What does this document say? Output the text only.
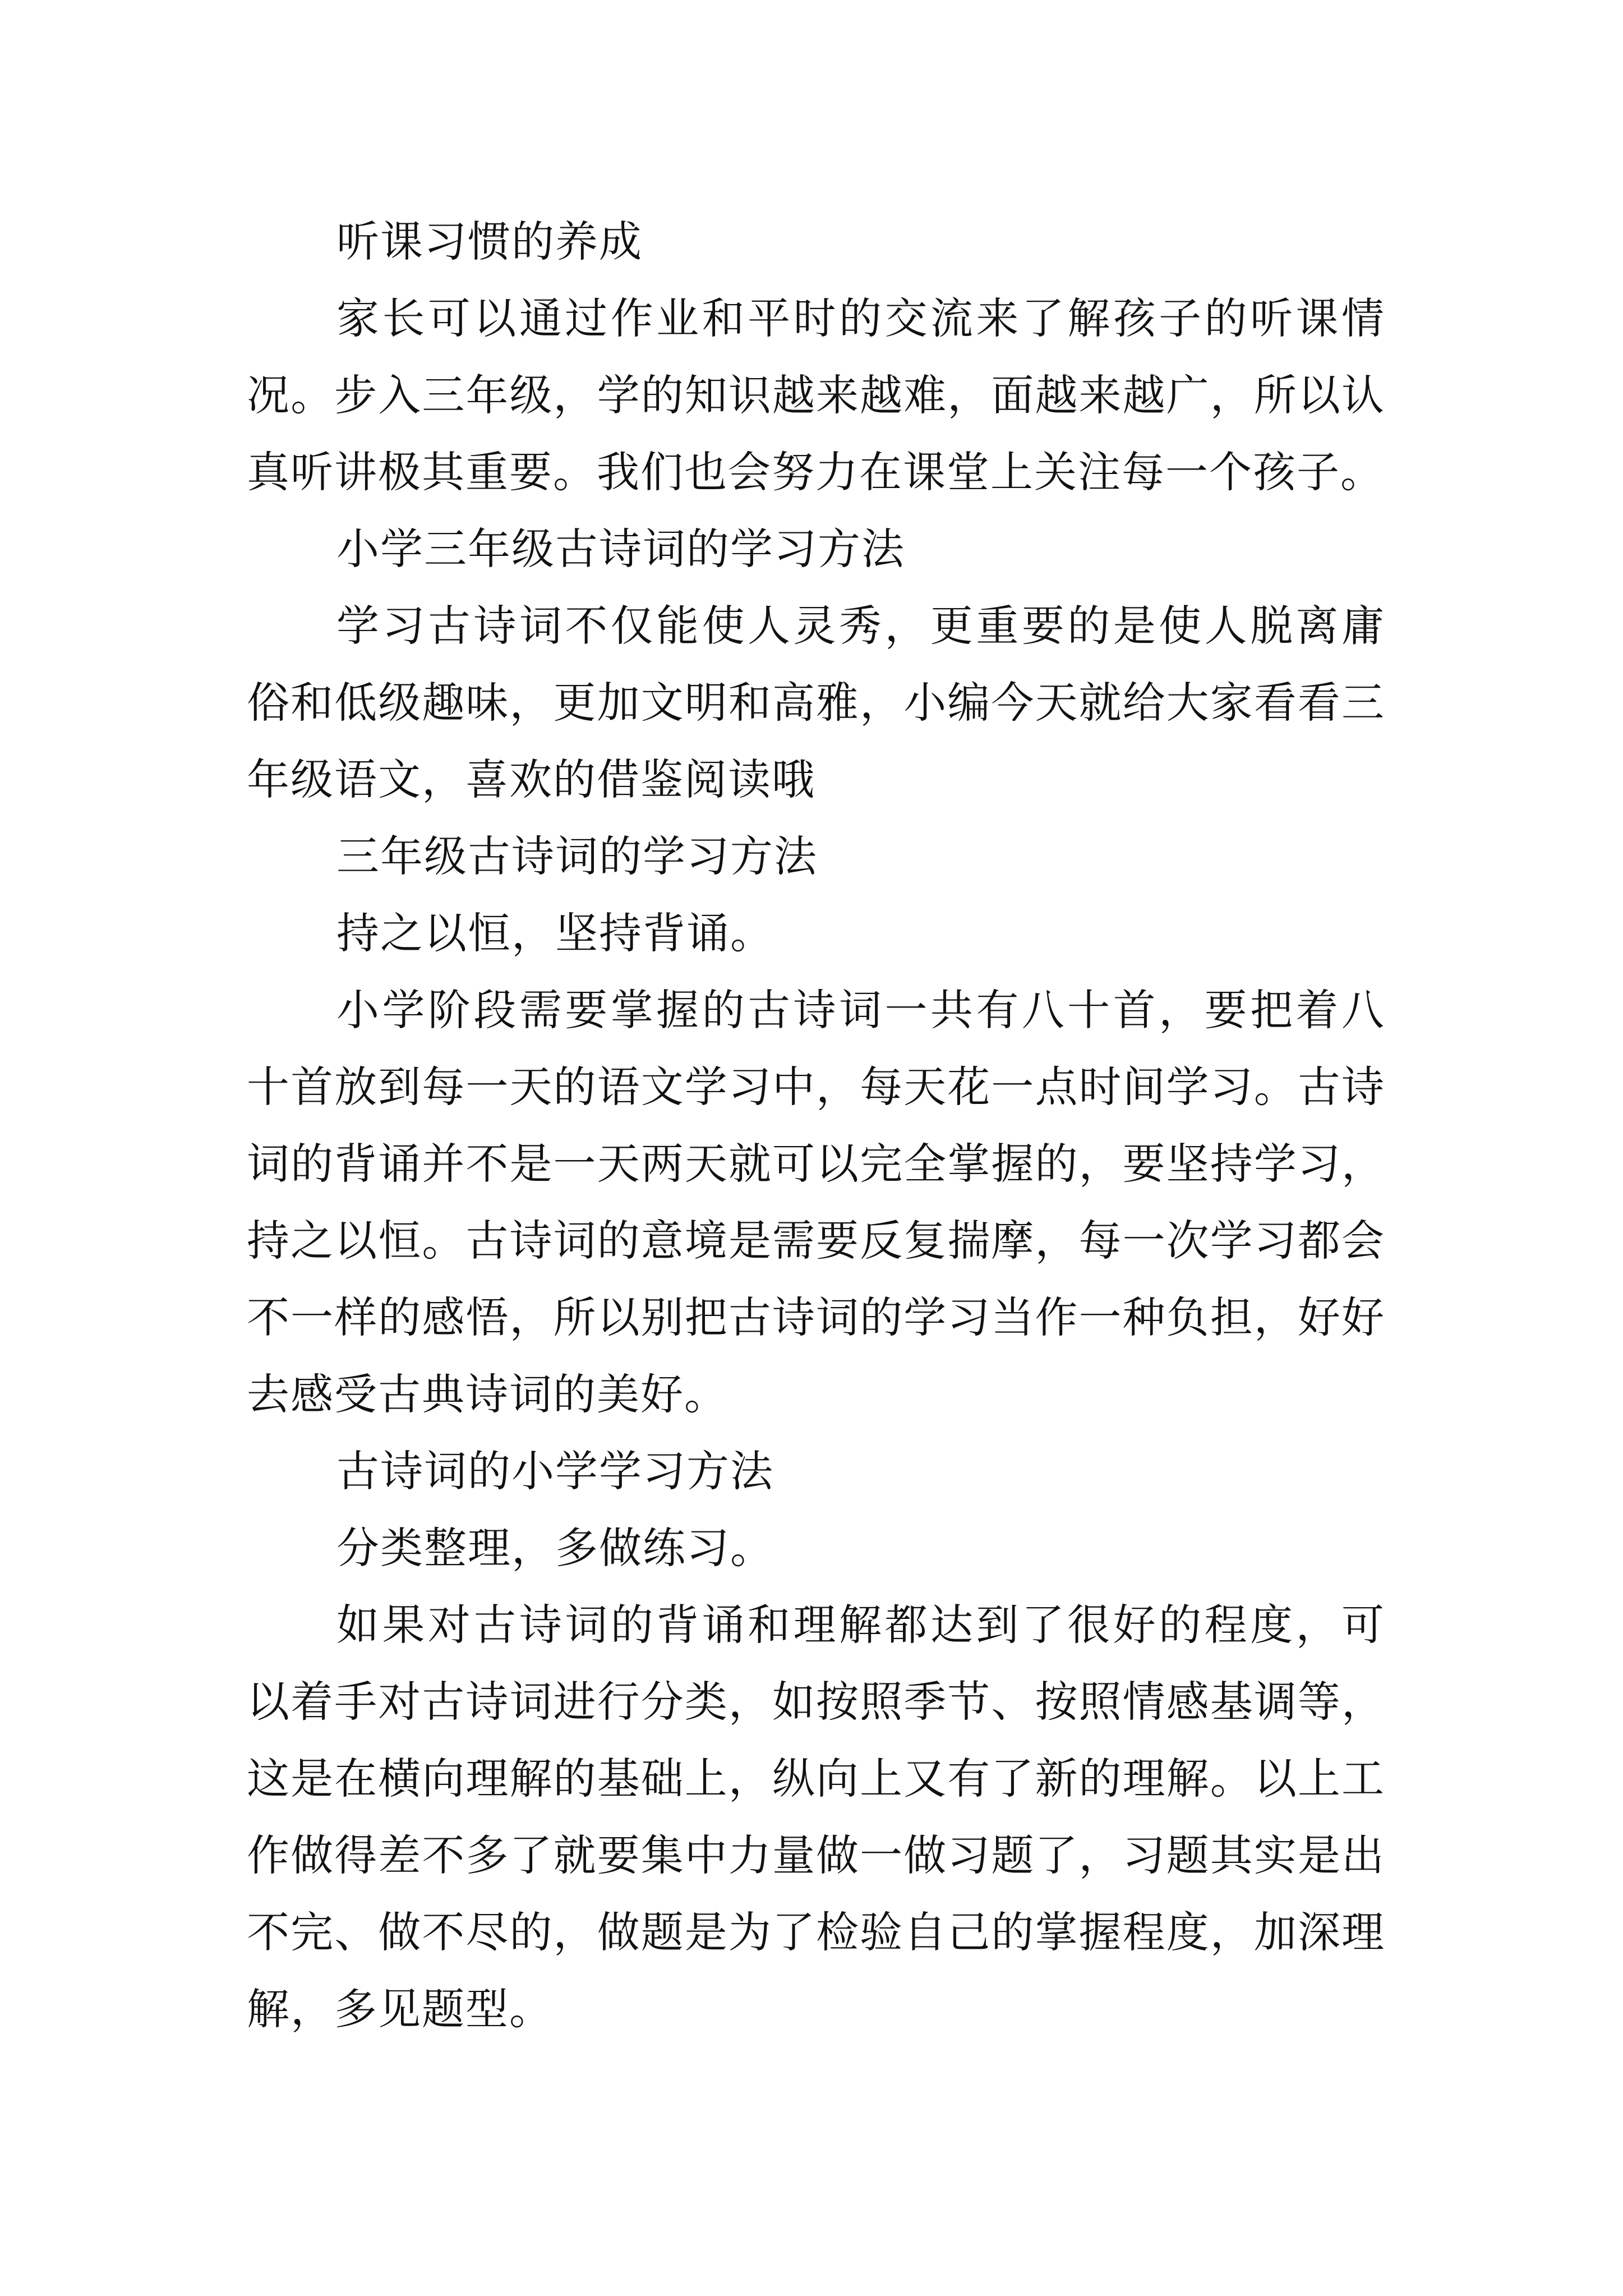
听课习惯的养成

家长可以通过作业和平时的交流来了解孩子的听课情况。步入三年级，学的知识越来越难，面越来越广，所以认真听讲极其重要。我们也会努力在课堂上关注每一个孩子。

小学三年级古诗词的学习方法

学习古诗词不仅能使人灵秀，更重要的是使人脱离庸俗和低级趣味，更加文明和高雅，小编今天就给大家看看三年级语文，喜欢的借鉴阅读哦

三年级古诗词的学习方法

持之以恒，坚持背诵。

小学阶段需要掌握的古诗词一共有八十首，要把着八十首放到每一天的语文学习中，每天花一点时间学习。古诗词的背诵并不是一天两天就可以完全掌握的，要坚持学习，持之以恒。古诗词的意境是需要反复揣摩，每一次学习都会不一样的感悟，所以别把古诗词的学习当作一种负担，好好去感受古典诗词的美好。

古诗词的小学学习方法

分类整理，多做练习。

如果对古诗词的背诵和理解都达到了很好的程度，可以着手对古诗词进行分类，如按照季节、按照情感基调等，这是在横向理解的基础上，纵向上又有了新的理解。以上工作做得差不多了就要集中力量做一做习题了，习题其实是出不完、做不尽的，做题是为了检验自己的掌握程度，加深理解，多见题型。
